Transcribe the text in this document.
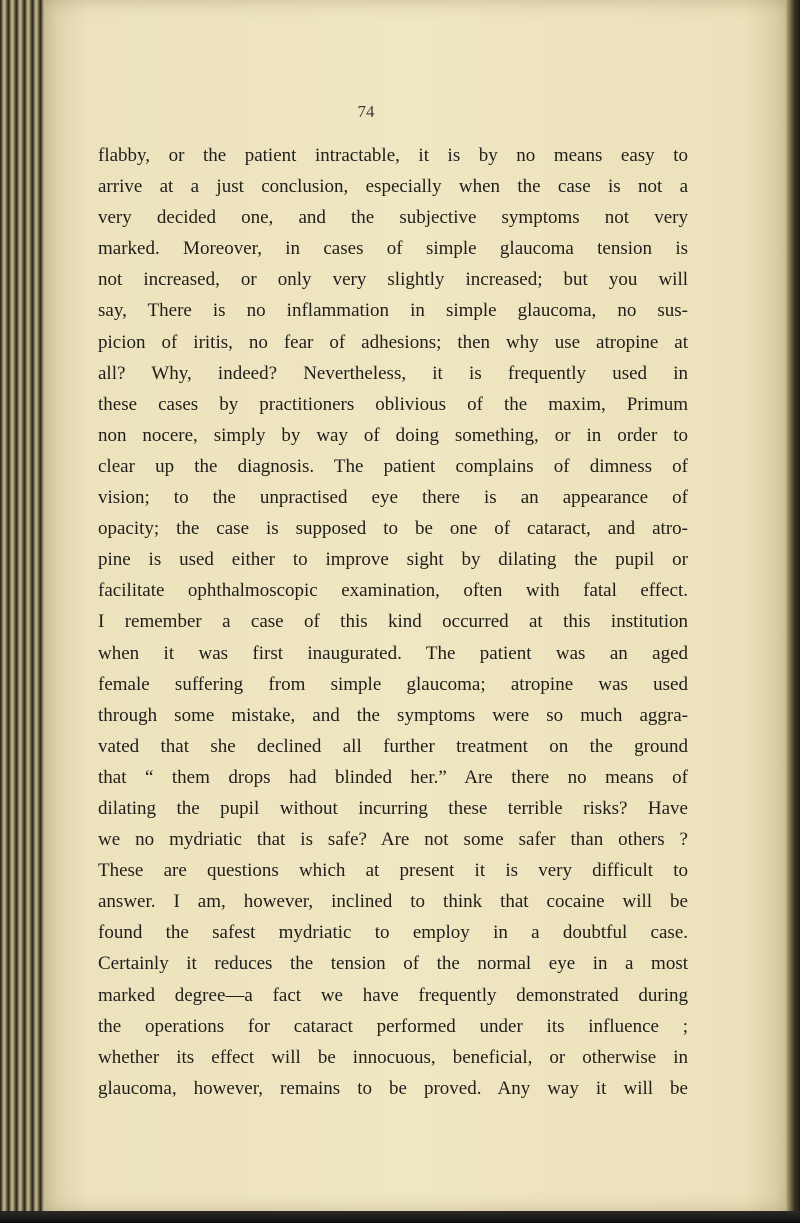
74
flabby, or the patient intractable, it is by no means easy to
arrive at a just conclusion, especially when the case is not a
very decided one, and the subjective symptoms not very
marked. Moreover, in cases of simple glaucoma tension is
not increased, or only very slightly increased; but you will
say, There is no inflammation in simple glaucoma, no sus-
picion of iritis, no fear of adhesions; then why use atropine at
all? Why, indeed? Nevertheless, it is frequently used in
these cases by practitioners oblivious of the maxim, Primum
non nocere, simply by way of doing something, or in order to
clear up the diagnosis. The patient complains of dimness of
vision; to the unpractised eye there is an appearance of
opacity; the case is supposed to be one of cataract, and atro-
pine is used either to improve sight by dilating the pupil or
facilitate ophthalmoscopic examination, often with fatal effect.
I remember a case of this kind occurred at this institution
when it was first inaugurated. The patient was an aged
female suffering from simple glaucoma; atropine was used
through some mistake, and the symptoms were so much aggra-
vated that she declined all further treatment on the ground
that “ them drops had blinded her.” Are there no means of
dilating the pupil without incurring these terrible risks? Have
we no mydriatic that is safe? Are not some safer than others ?
These are questions which at present it is very difficult to
answer. I am, however, inclined to think that cocaine will be
found the safest mydriatic to employ in a doubtful case.
Certainly it reduces the tension of the normal eye in a most
marked degree—a fact we have frequently demonstrated during
the operations for cataract performed under its influence ;
whether its effect will be innocuous, beneficial, or otherwise in
glaucoma, however, remains to be proved. Any way it will be
